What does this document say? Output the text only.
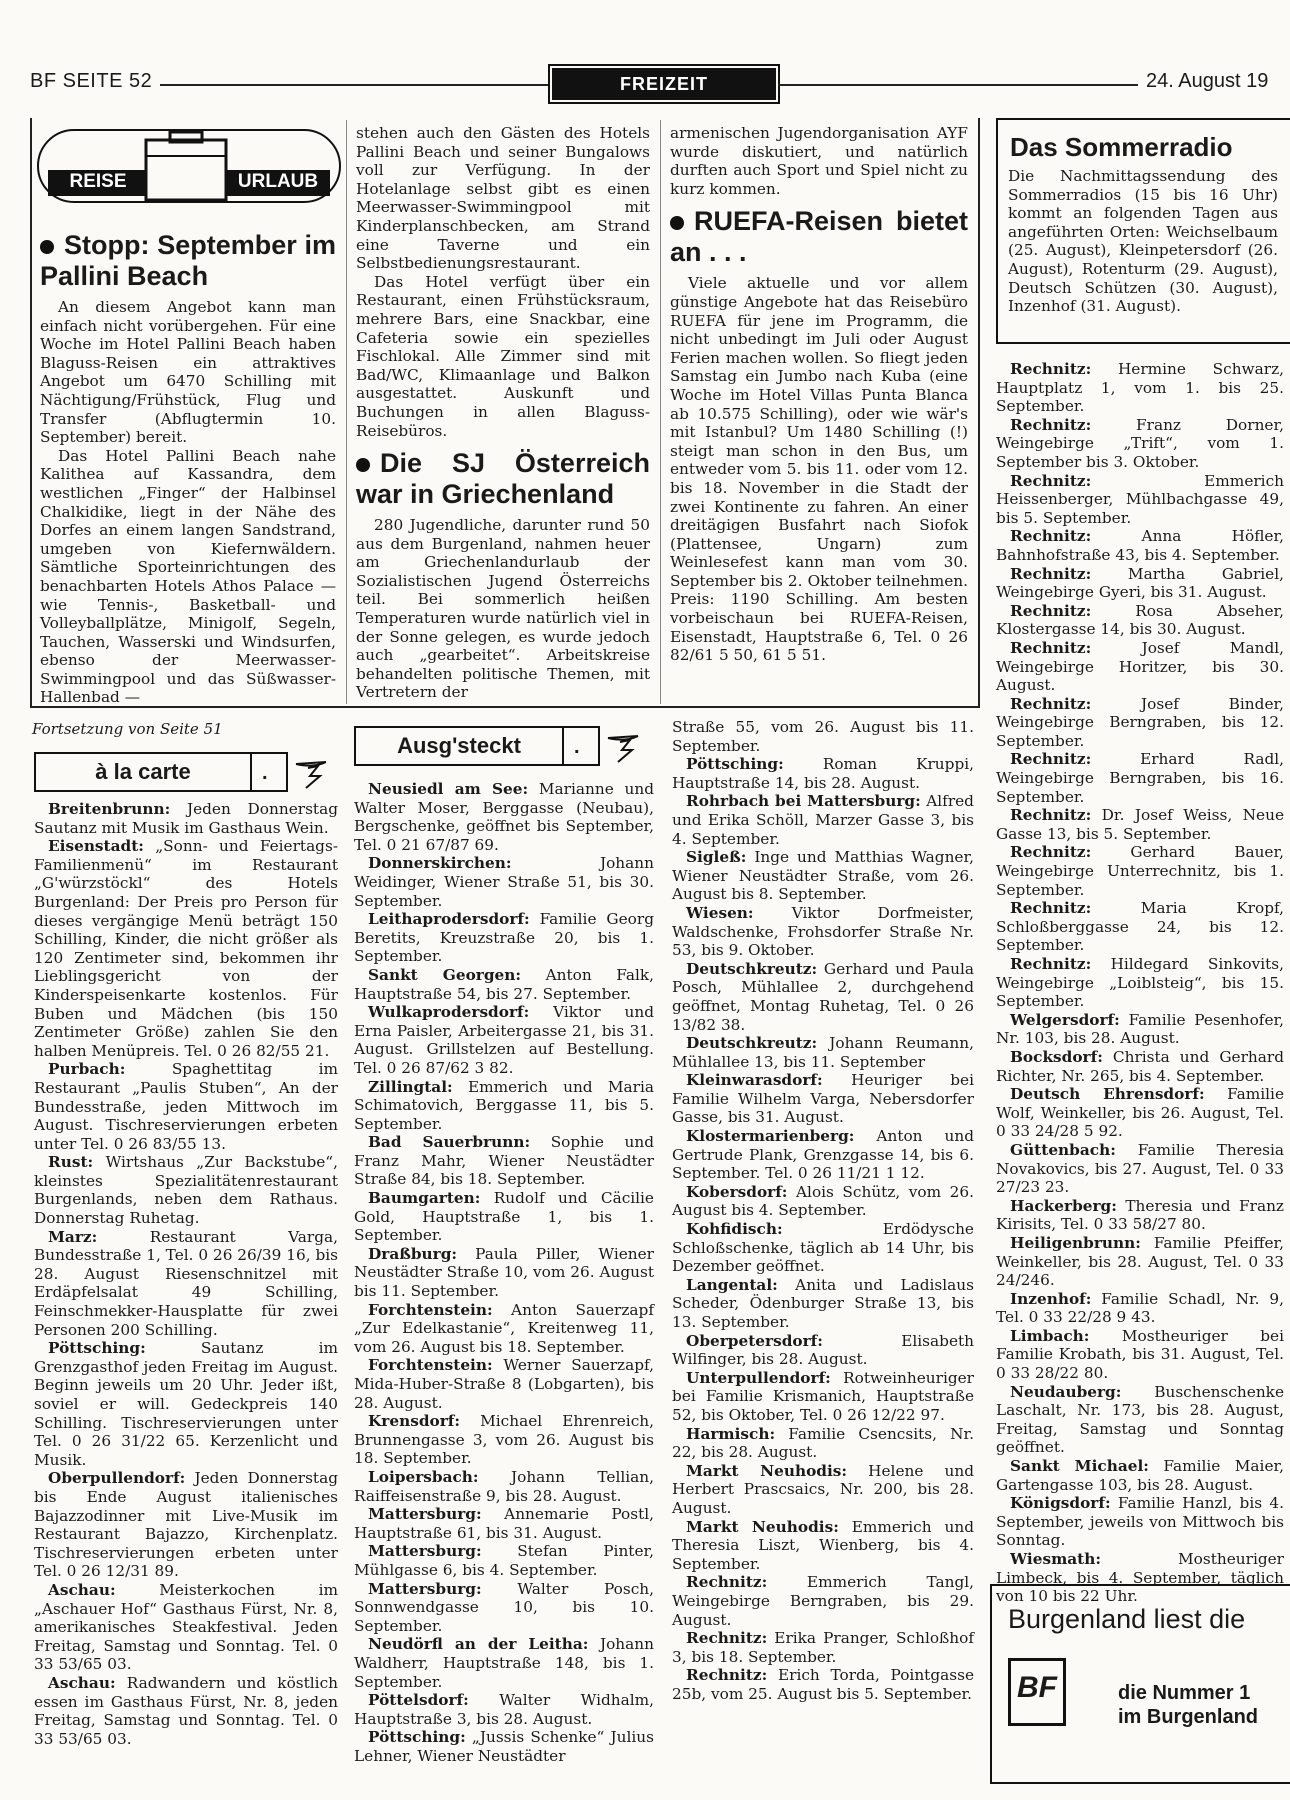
BF SEITE 52	FREIZEIT	24. August 19
REISE	URLAUB
Stopp: September im Pallini Beach

An diesem Angebot kann man einfach nicht vorübergehen. Für eine Woche im Hotel Pallini Beach haben Blaguss-Reisen ein attraktives Angebot um 6470 Schilling mit Nächtigung/Frühstück, Flug und Transfer (Abflugtermin 10. September) bereit.

Das Hotel Pallini Beach nahe Kalithea auf Kassandra, dem westlichen „Finger“ der Halbinsel Chalkidike, liegt in der Nähe des Dorfes an einem langen Sandstrand, umgeben von Kiefernwäldern. Sämtliche Sporteinrichtungen des benachbarten Hotels Athos Palace — wie Tennis-, Basketball- und Volleyballplätze, Minigolf, Segeln, Tauchen, Wasserski und Windsurfen, ebenso der Meerwasser-Swimmingpool und das Süßwasser-Hallenbad —

stehen auch den Gästen des Hotels Pallini Beach und seiner Bungalows voll zur Verfügung. In der Hotelanlage selbst gibt es einen Meerwasser-Swimmingpool mit Kinderplanschbecken, am Strand eine Taverne und ein Selbstbedienungsrestaurant.

Das Hotel verfügt über ein Restaurant, einen Frühstücksraum, mehrere Bars, eine Snackbar, eine Cafeteria sowie ein spezielles Fischlokal. Alle Zimmer sind mit Bad/WC, Klimaanlage und Balkon ausgestattet. Auskunft und Buchungen in allen Blaguss-Reisebüros.

Die SJ Österreich war in Griechenland

280 Jugendliche, darunter rund 50 aus dem Burgenland, nahmen heuer am Griechenlandurlaub der Sozialistischen Jugend Österreichs teil. Bei sommerlich heißen Temperaturen wurde natürlich viel in der Sonne gelegen, es wurde jedoch auch „gearbeitet“. Arbeitskreise behandelten politische Themen, mit Vertretern der

armenischen Jugendorganisation AYF wurde diskutiert, und natürlich durften auch Sport und Spiel nicht zu kurz kommen.

RUEFA-Reisen bietet an . . .

Viele aktuelle und vor allem günstige Angebote hat das Reisebüro RUEFA für jene im Programm, die nicht unbedingt im Juli oder August Ferien machen wollen. So fliegt jeden Samstag ein Jumbo nach Kuba (eine Woche im Hotel Villas Punta Blanca ab 10.575 Schilling), oder wie wär's mit Istanbul? Um 1480 Schilling (!) steigt man schon in den Bus, um entweder vom 5. bis 11. oder vom 12. bis 18. November in die Stadt der zwei Kontinente zu fahren. An einer dreitägigen Busfahrt nach Siofok (Plattensee, Ungarn) zum Weinlesefest kann man vom 30. September bis 2. Oktober teilnehmen. Preis: 1190 Schilling. Am besten vorbeischaun bei RUEFA-Reisen, Eisenstadt, Hauptstraße 6, Tel. 0 26 82/61 5 50, 61 5 51.

Das Sommerradio
Die Nachmittagssendung des Sommerradios (15 bis 16 Uhr) kommt an folgenden Tagen aus angeführten Orten: Weichselbaum (25. August), Kleinpetersdorf (26. August), Rotenturm (29. August), Deutsch Schützen (30. August), Inzenhof (31. August).

Rechnitz: Hermine Schwarz, Hauptplatz 1, vom 1. bis 25. September.

Rechnitz:	Franz Dorner, Weingebirge „Trift“, vom 1. September bis 3. Oktober.

Rechnitz:	Emmerich Heissenberger, Mühlbachgasse 49, bis 5. September.

Rechnitz:	Anna Höfler, Bahnhofstraße 43, bis 4. September.

Rechnitz: Martha Gabriel, Weingebirge Gyeri, bis 31. August.

Rechnitz:	Rosa Abseher, Klostergasse 14, bis 30. August.

Rechnitz:	Josef Mandl, Weingebirge Horitzer, bis 30. August.

Rechnitz:	Josef Binder, Weingebirge Berngraben, bis 12. September.

Rechnitz:	Erhard Radl, Weingebirge Berngraben, bis 16. September.

Rechnitz: Dr. Josef Weiss, Neue Gasse 13, bis 5. September.

Rechnitz:	Gerhard Bauer, Weingebirge Unterrechnitz, bis 1. September.

Rechnitz:	Maria Kropf, Schloßberggasse 24, bis 12. September.

Rechnitz: Hildegard Sinkovits, Weingebirge „Loiblsteig“, bis 15. September.

Welgersdorf: Familie Pesenhofer, Nr. 103, bis 28. August.

Bocksdorf: Christa und Gerhard Richter, Nr. 265, bis 4. September.

Deutsch Ehrensdorf: Familie Wolf, Weinkeller, bis 26. August, Tel. 0 33 24/28 5 92.

Güttenbach: Familie Theresia Novakovics, bis 27. August, Tel. 0 33 27/23 23.

Hackerberg: Theresia und Franz Kirisits, Tel. 0 33 58/27 80.

Heiligenbrunn: Familie Pfeiffer, Weinkeller, bis 28. August, Tel. 0 33 24/246.

Inzenhof: Familie Schadl, Nr. 9, Tel. 0 33 22/28 9 43.

Limbach: Mostheuriger bei Familie Krobath, bis 31. August, Tel. 0 33 28/22 80.

Neudauberg: Buschenschenke Laschalt, Nr. 173, bis 28. August, Freitag, Samstag und Sonntag geöffnet.

Sankt Michael: Familie Maier, Gartengasse 103, bis 28. August.

Königsdorf: Familie Hanzl, bis 4. September, jeweils von Mittwoch bis Sonntag.

Wiesmath:	Mostheuriger Limbeck, bis 4. September, täglich von 10 bis 22 Uhr.

Fortsetzung von Seite 51
à la carte	.

Breitenbrunn: Jeden Donnerstag Sautanz mit Musik im Gasthaus Wein.

Eisenstadt: „Sonn- und Feiertags-Familienmenü“ im Restaurant „G'würzstöckl“ des Hotels Burgenland: Der Preis pro Person für dieses vergängige Menü beträgt 150 Schilling, Kinder, die nicht größer als 120 Zentimeter sind, bekommen ihr Lieblingsgericht von der Kinderspeisenkarte kostenlos. Für Buben und Mädchen (bis 150 Zentimeter Größe) zahlen Sie den halben Menüpreis. Tel. 0 26 82/55 21.

Purbach:	Spaghettitag im Restaurant „Paulis Stuben“, An der Bundesstraße, jeden Mittwoch im August. Tischreservierungen erbeten unter Tel. 0 26 83/55 13.

Rust: Wirtshaus „Zur Backstube“, kleinstes Spezialitätenrestaurant Burgenlands, neben dem Rathaus. Donnerstag Ruhetag.

Marz:	Restaurant Varga, Bundesstraße 1, Tel. 0 26 26/39 16, bis 28. August Riesenschnitzel mit Erdäpfelsalat 49 Schilling, Feinschmekker-Hausplatte für zwei Personen 200 Schilling.

Pöttsching:	Sautanz im Grenzgasthof jeden Freitag im August. Beginn jeweils um 20 Uhr. Jeder ißt, soviel er will. Gedeckpreis 140 Schilling. Tischreservierungen unter Tel. 0 26 31/22 65. Kerzenlicht und Musik.

Oberpullendorf: Jeden Donnerstag bis Ende August italienisches Bajazzodinner mit Live-Musik im Restaurant Bajazzo, Kirchenplatz. Tischreservierungen erbeten unter Tel. 0 26 12/31 89.

Aschau:	Meisterkochen im „Aschauer Hof“ Gasthaus Fürst, Nr. 8, amerikanisches Steakfestival. Jeden Freitag, Samstag und Sonntag. Tel. 0 33 53/65 03.

Aschau: Radwandern und köstlich essen im Gasthaus Fürst, Nr. 8, jeden Freitag, Samstag und Sonntag. Tel. 0 33 53/65 03.

Ausg'steckt	.

Neusiedl am See: Marianne und Walter Moser, Berggasse (Neubau), Bergschenke, geöffnet bis September, Tel. 0 21 67/87 69.

Donnerskirchen:	Johann Weidinger, Wiener Straße 51, bis 30. September.

Leithaprodersdorf: Familie Georg Beretits, Kreuzstraße 20, bis 1. September.

Sankt Georgen: Anton Falk, Hauptstraße 54, bis 27. September.

Wulkaprodersdorf: Viktor und Erna Paisler, Arbeitergasse 21, bis 31. August. Grillstelzen auf Bestellung. Tel. 0 26 87/62 3 82.

Zillingtal: Emmerich und Maria Schimatovich, Berggasse 11, bis 5. September.

Bad Sauerbrunn: Sophie und Franz Mahr, Wiener Neustädter Straße 84, bis 18. September.

Baumgarten: Rudolf und Cäcilie Gold, Hauptstraße 1, bis 1. September.

Draßburg: Paula Piller, Wiener Neustädter Straße 10, vom 26. August bis 11. September.

Forchtenstein: Anton Sauerzapf „Zur Edelkastanie“, Kreitenweg 11, vom 26. August bis 18. September.

Forchtenstein: Werner Sauerzapf, Mida-Huber-Straße 8 (Lobgarten), bis 28. August.

Krensdorf: Michael Ehrenreich, Brunnengasse 3, vom 26. August bis 18. September.

Loipersbach: Johann Tellian, Raiffeisenstraße 9, bis 28. August.

Mattersburg: Annemarie Postl, Hauptstraße 61, bis 31. August.

Mattersburg: Stefan Pinter, Mühlgasse 6, bis 4. September.

Mattersburg: Walter Posch, Sonnwendgasse 10, bis 10. September.

Neudörfl an der Leitha: Johann Waldherr, Hauptstraße 148, bis 1. September.

Pöttelsdorf: Walter Widhalm, Hauptstraße 3, bis 28. August.

Pöttsching: „Jussis Schenke“ Julius Lehner, Wiener Neustädter

Straße 55, vom 26. August bis 11. September.

Pöttsching:	Roman Kruppi, Hauptstraße 14, bis 28. August.

Rohrbach bei Mattersburg: Alfred und Erika Schöll, Marzer Gasse 3, bis 4. September.

Sigleß: Inge und Matthias Wagner, Wiener Neustädter Straße, vom 26. August bis 8. September.

Wiesen: Viktor Dorfmeister, Waldschenke, Frohsdorfer Straße Nr. 53, bis 9. Oktober.

Deutschkreutz: Gerhard und Paula Posch, Mühlallee 2, durchgehend geöffnet, Montag Ruhetag, Tel. 0 26 13/82 38.

Deutschkreutz: Johann Reumann, Mühlallee 13, bis 11. September

Kleinwarasdorf: Heuriger bei Familie Wilhelm Varga, Nebersdorfer Gasse, bis 31. August.

Klostermarienberg: Anton und Gertrude Plank, Grenzgasse 14, bis 6. September. Tel. 0 26 11/21 1 12.

Kobersdorf: Alois Schütz, vom 26. August bis 4. September.

Kohfidisch:	Erdödysche Schloßschenke, täglich ab 14 Uhr, bis Dezember geöffnet.

Langental: Anita und Ladislaus Scheder, Ödenburger Straße 13, bis 13. September.

Oberpetersdorf:	Elisabeth Wilfinger, bis 28. August.

Unterpullendorf: Rotweinheuriger bei Familie Krismanich, Hauptstraße 52, bis Oktober, Tel. 0 26 12/22 97.

Harmisch: Familie Csencsits, Nr. 22, bis 28. August.

Markt Neuhodis: Helene und Herbert Prascsaics, Nr. 200, bis 28. August.

Markt Neuhodis: Emmerich und Theresia Liszt, Wienberg, bis 4. September.

Rechnitz:	Emmerich Tangl, Weingebirge Berngraben, bis 29. August.

Rechnitz: Erika Pranger, Schloßhof 3, bis 18. September.

Rechnitz: Erich Torda, Pointgasse 25b, vom 25. August bis 5. September.

Burgenland liest die
BF	die Nummer 1
im Burgenland
